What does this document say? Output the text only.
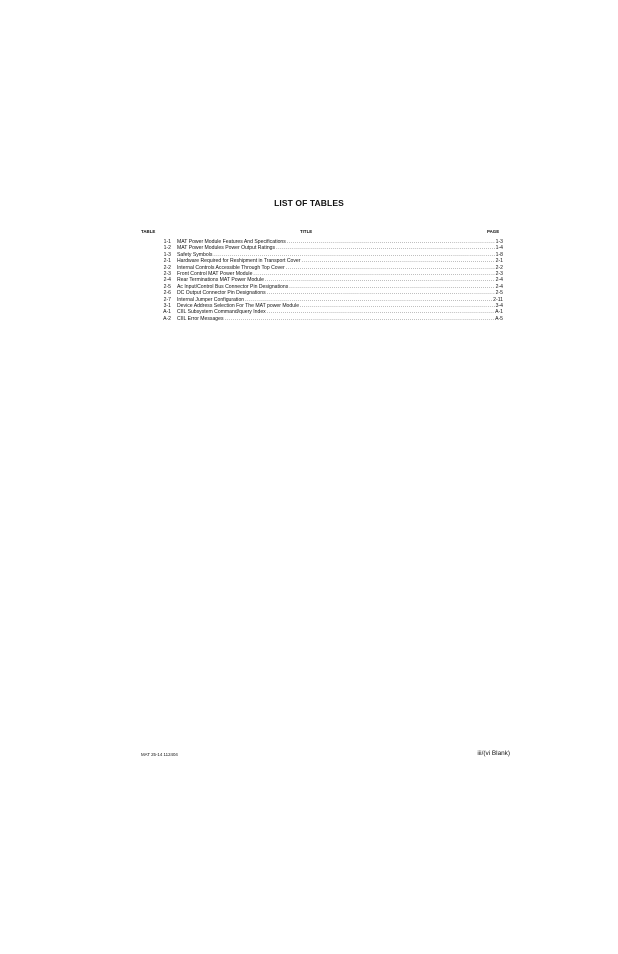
LIST OF TABLES
TABLE	TITLE	PAGE
1-1 MAT Power Module Features And Specifications .....	1-3
1-2 MAT Power Modules Power Output Ratings .....	1-4
1-3 Safety Symbols .....	1-8
2-1 Hardware Required for Reshipment in Transport Cover .....	2-1
2-2 Internal Controls Accessible Through Top Cover .....	2-2
2-3 Front Control MAT Power Module .....	2-3
2-4 Rear Terminations MAT Power Module .....	2-4
2-5 Ac Input/Control Bus Connector Pin Designations .....	2-4
2-6 DC Output Connector Pin Designations .....	2-5
2-7 Internal Jumper Configuration .....	2-11
3-1 Device Address Selection For The MAT power Module .....	3-4
A-1 CIIL Subsystem Command/query Index .....	A-1
A-2 CIIL Error Messages .....	A-5
MAT 25-14 112404	iii/(vi Blank)
